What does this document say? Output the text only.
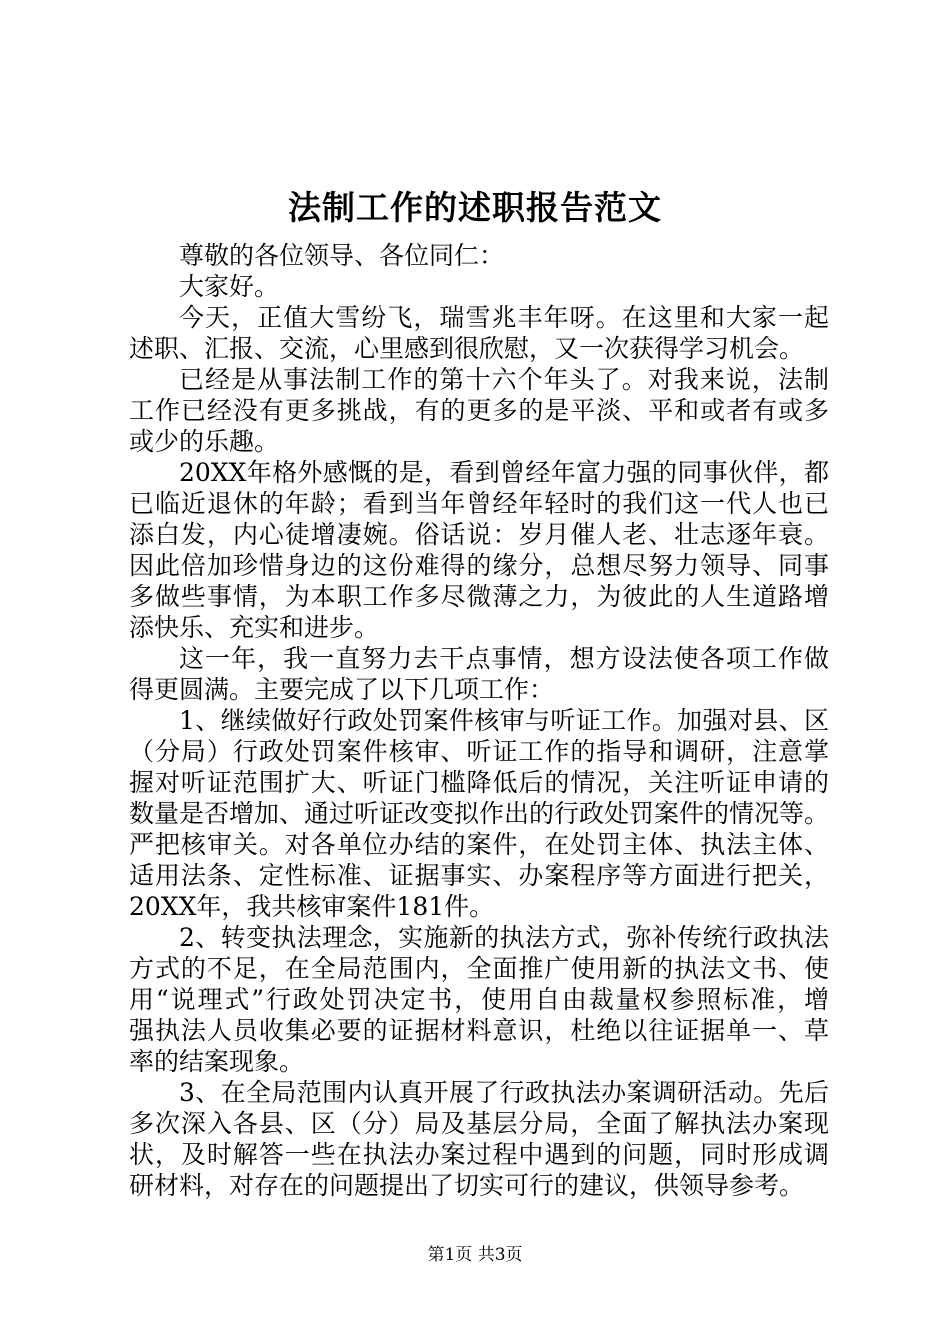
法制工作的述职报告范文
尊敬的各位领导、各位同仁：
大家好。
今天，正值大雪纷飞，瑞雪兆丰年呀。在这里和大家一起
述职、汇报、交流，心里感到很欣慰，又一次获得学习机会。
已经是从事法制工作的第十六个年头了。对我来说，法制
工作已经没有更多挑战，有的更多的是平淡、平和或者有或多
或少的乐趣。
20XX年格外感慨的是，看到曾经年富力强的同事伙伴，都
已临近退休的年龄；看到当年曾经年轻时的我们这一代人也已
添白发，内心徒增凄婉。俗话说：岁月催人老、壮志逐年衰。
因此倍加珍惜身边的这份难得的缘分，总想尽努力领导、同事
多做些事情，为本职工作多尽微薄之力，为彼此的人生道路增
添快乐、充实和进步。
这一年，我一直努力去干点事情，想方设法使各项工作做
得更圆满。主要完成了以下几项工作：
1、继续做好行政处罚案件核审与听证工作。加强对县、区
（分局）行政处罚案件核审、听证工作的指导和调研，注意掌
握对听证范围扩大、听证门槛降低后的情况，关注听证申请的
数量是否增加、通过听证改变拟作出的行政处罚案件的情况等。
严把核审关。对各单位办结的案件，在处罚主体、执法主体、
适用法条、定性标准、证据事实、办案程序等方面进行把关，
20XX年，我共核审案件181件。
2、转变执法理念，实施新的执法方式，弥补传统行政执法
方式的不足，在全局范围内，全面推广使用新的执法文书、使
用“说理式”行政处罚决定书，使用自由裁量权参照标准，增
强执法人员收集必要的证据材料意识，杜绝以往证据单一、草
率的结案现象。
3、在全局范围内认真开展了行政执法办案调研活动。先后
多次深入各县、区（分）局及基层分局，全面了解执法办案现
状，及时解答一些在执法办案过程中遇到的问题，同时形成调
研材料，对存在的问题提出了切实可行的建议，供领导参考。
第1页 共3页
